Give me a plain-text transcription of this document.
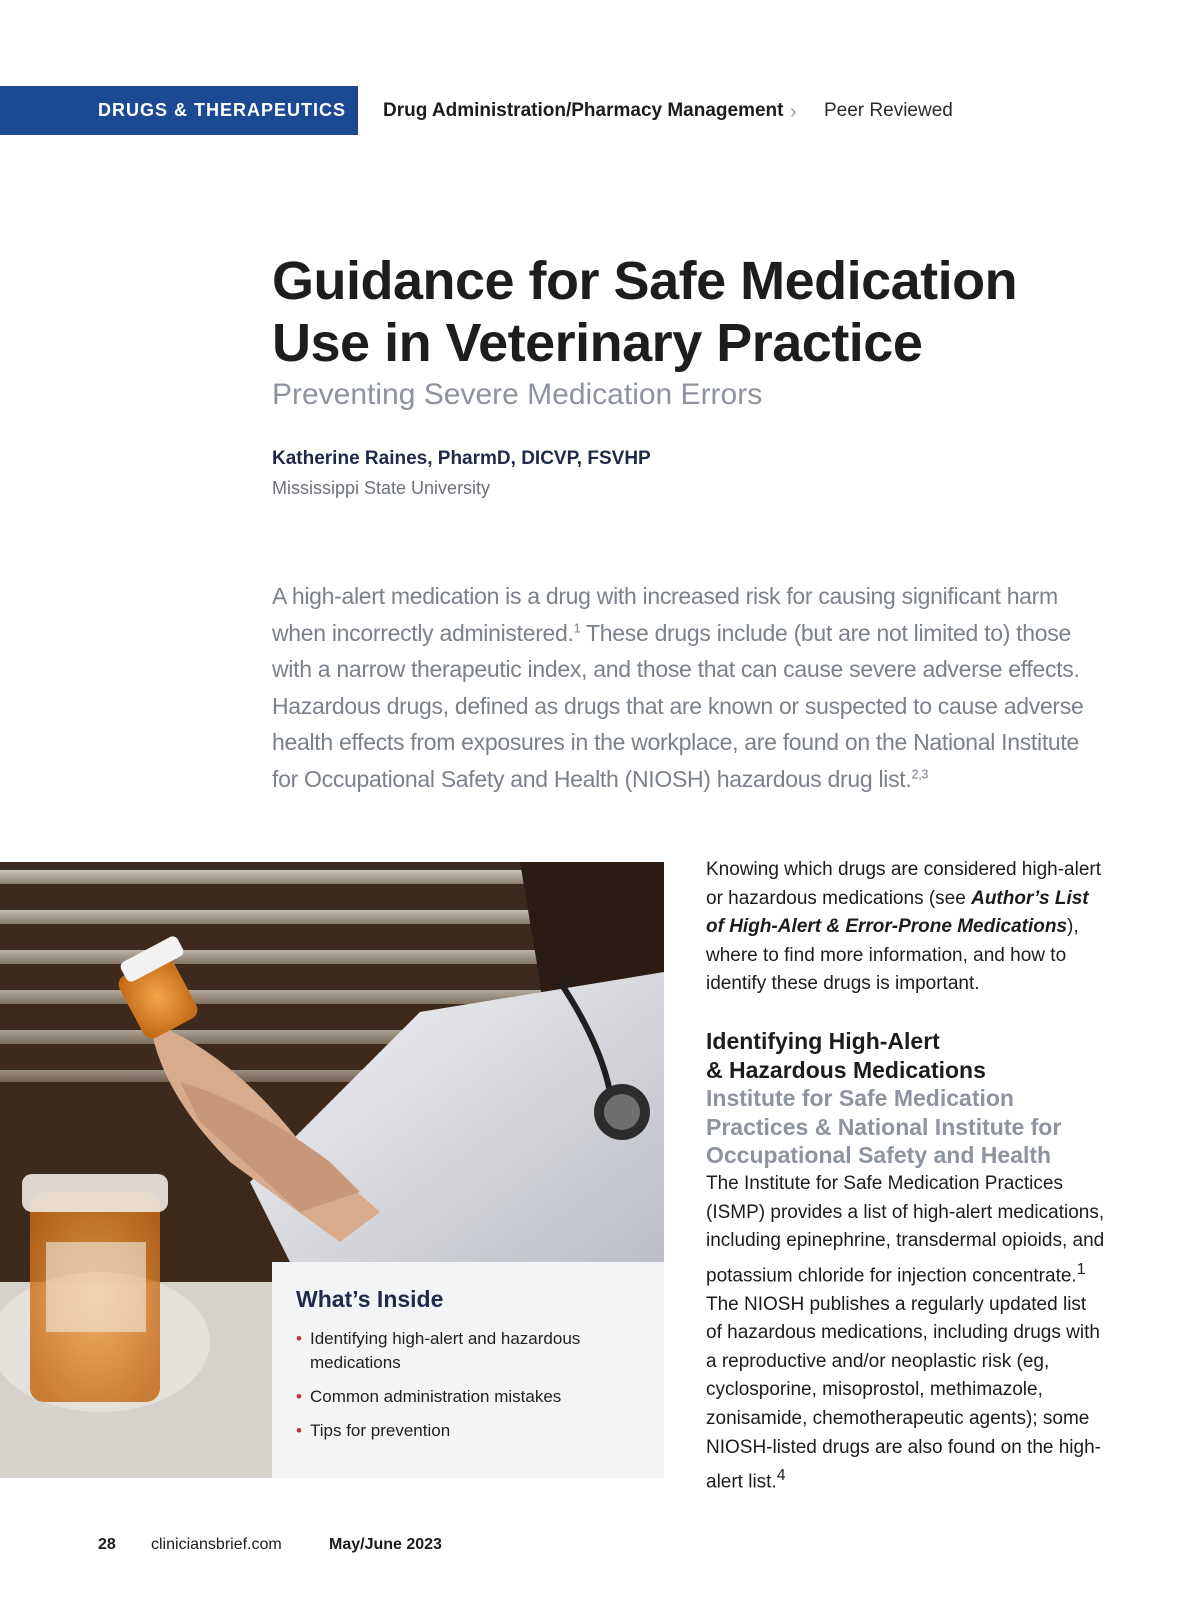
DRUGS & THERAPEUTICS Drug Administration/Pharmacy Management › Peer Reviewed
Guidance for Safe Medication
Use in Veterinary Practice
Preventing Severe Medication Errors
Katherine Raines, PharmD, DICVP, FSVHP
Mississippi State University

A high-alert medication is a drug with increased risk for causing significant harm when incorrectly administered.$^1$ These drugs include (but are not limited to) those with a narrow therapeutic index, and those that can cause severe adverse effects. Hazardous drugs, defined as drugs that are known or suspected to cause adverse health effects from exposures in the workplace, are found on the National Institute for Occupational Safety and Health (NIOSH) hazardous drug list.$^{2,3}$

What’s Inside
• Identifying high-alert and hazardous medications
• Common administration mistakes
• Tips for prevention

Knowing which drugs are considered high-alert or hazardous medications (see Author’s List of High-Alert & Error-Prone Medications), where to find more information, and how to identify these drugs is important.

Identifying High-Alert
& Hazardous Medications
Institute for Safe Medication Practices & National Institute for Occupational Safety and Health

The Institute for Safe Medication Practices (ISMP) provides a list of high-alert medications, including epinephrine, transdermal opioids, and potassium chloride for injection concentrate.$^1$ The NIOSH publishes a regularly updated list of hazardous medications, including drugs with a reproductive and/or neoplastic risk (eg, cyclosporine, misoprostol, methimazole, zonisamide, chemotherapeutic agents); some NIOSH-listed drugs are also found on the high-alert list.$^4$

28 cliniciansbrief.com	May/June 2023
